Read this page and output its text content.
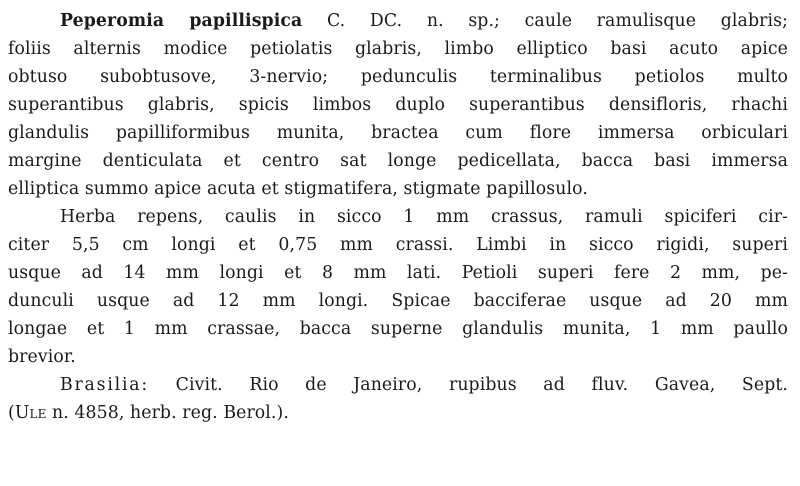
Peperomia papillispica C. DC. n. sp.; caule ramulisque glabris;
foliis alternis modice petiolatis glabris, limbo elliptico basi acuto apice
obtuso subobtusove, 3-nervio; pedunculis terminalibus petiolos multo
superantibus glabris, spicis limbos duplo superantibus densifloris, rhachi
glandulis papilliformibus munita, bractea cum flore immersa orbiculari
margine denticulata et centro sat longe pedicellata, bacca basi immersa
elliptica summo apice acuta et stigmatifera, stigmate papillosulo.
Herba repens, caulis in sicco 1 mm crassus, ramuli spiciferi cir-
citer 5,5 cm longi et 0,75 mm crassi. Limbi in sicco rigidi, superi
usque ad 14 mm longi et 8 mm lati. Petioli superi fere 2 mm, pe-
dunculi usque ad 12 mm longi. Spicae bacciferae usque ad 20 mm
longae et 1 mm crassae, bacca superne glandulis munita, 1 mm paullo
brevior.
Brasilia: Civit. Rio de Janeiro, rupibus ad fluv. Gavea, Sept.
(Ule n. 4858, herb. reg. Berol.).
